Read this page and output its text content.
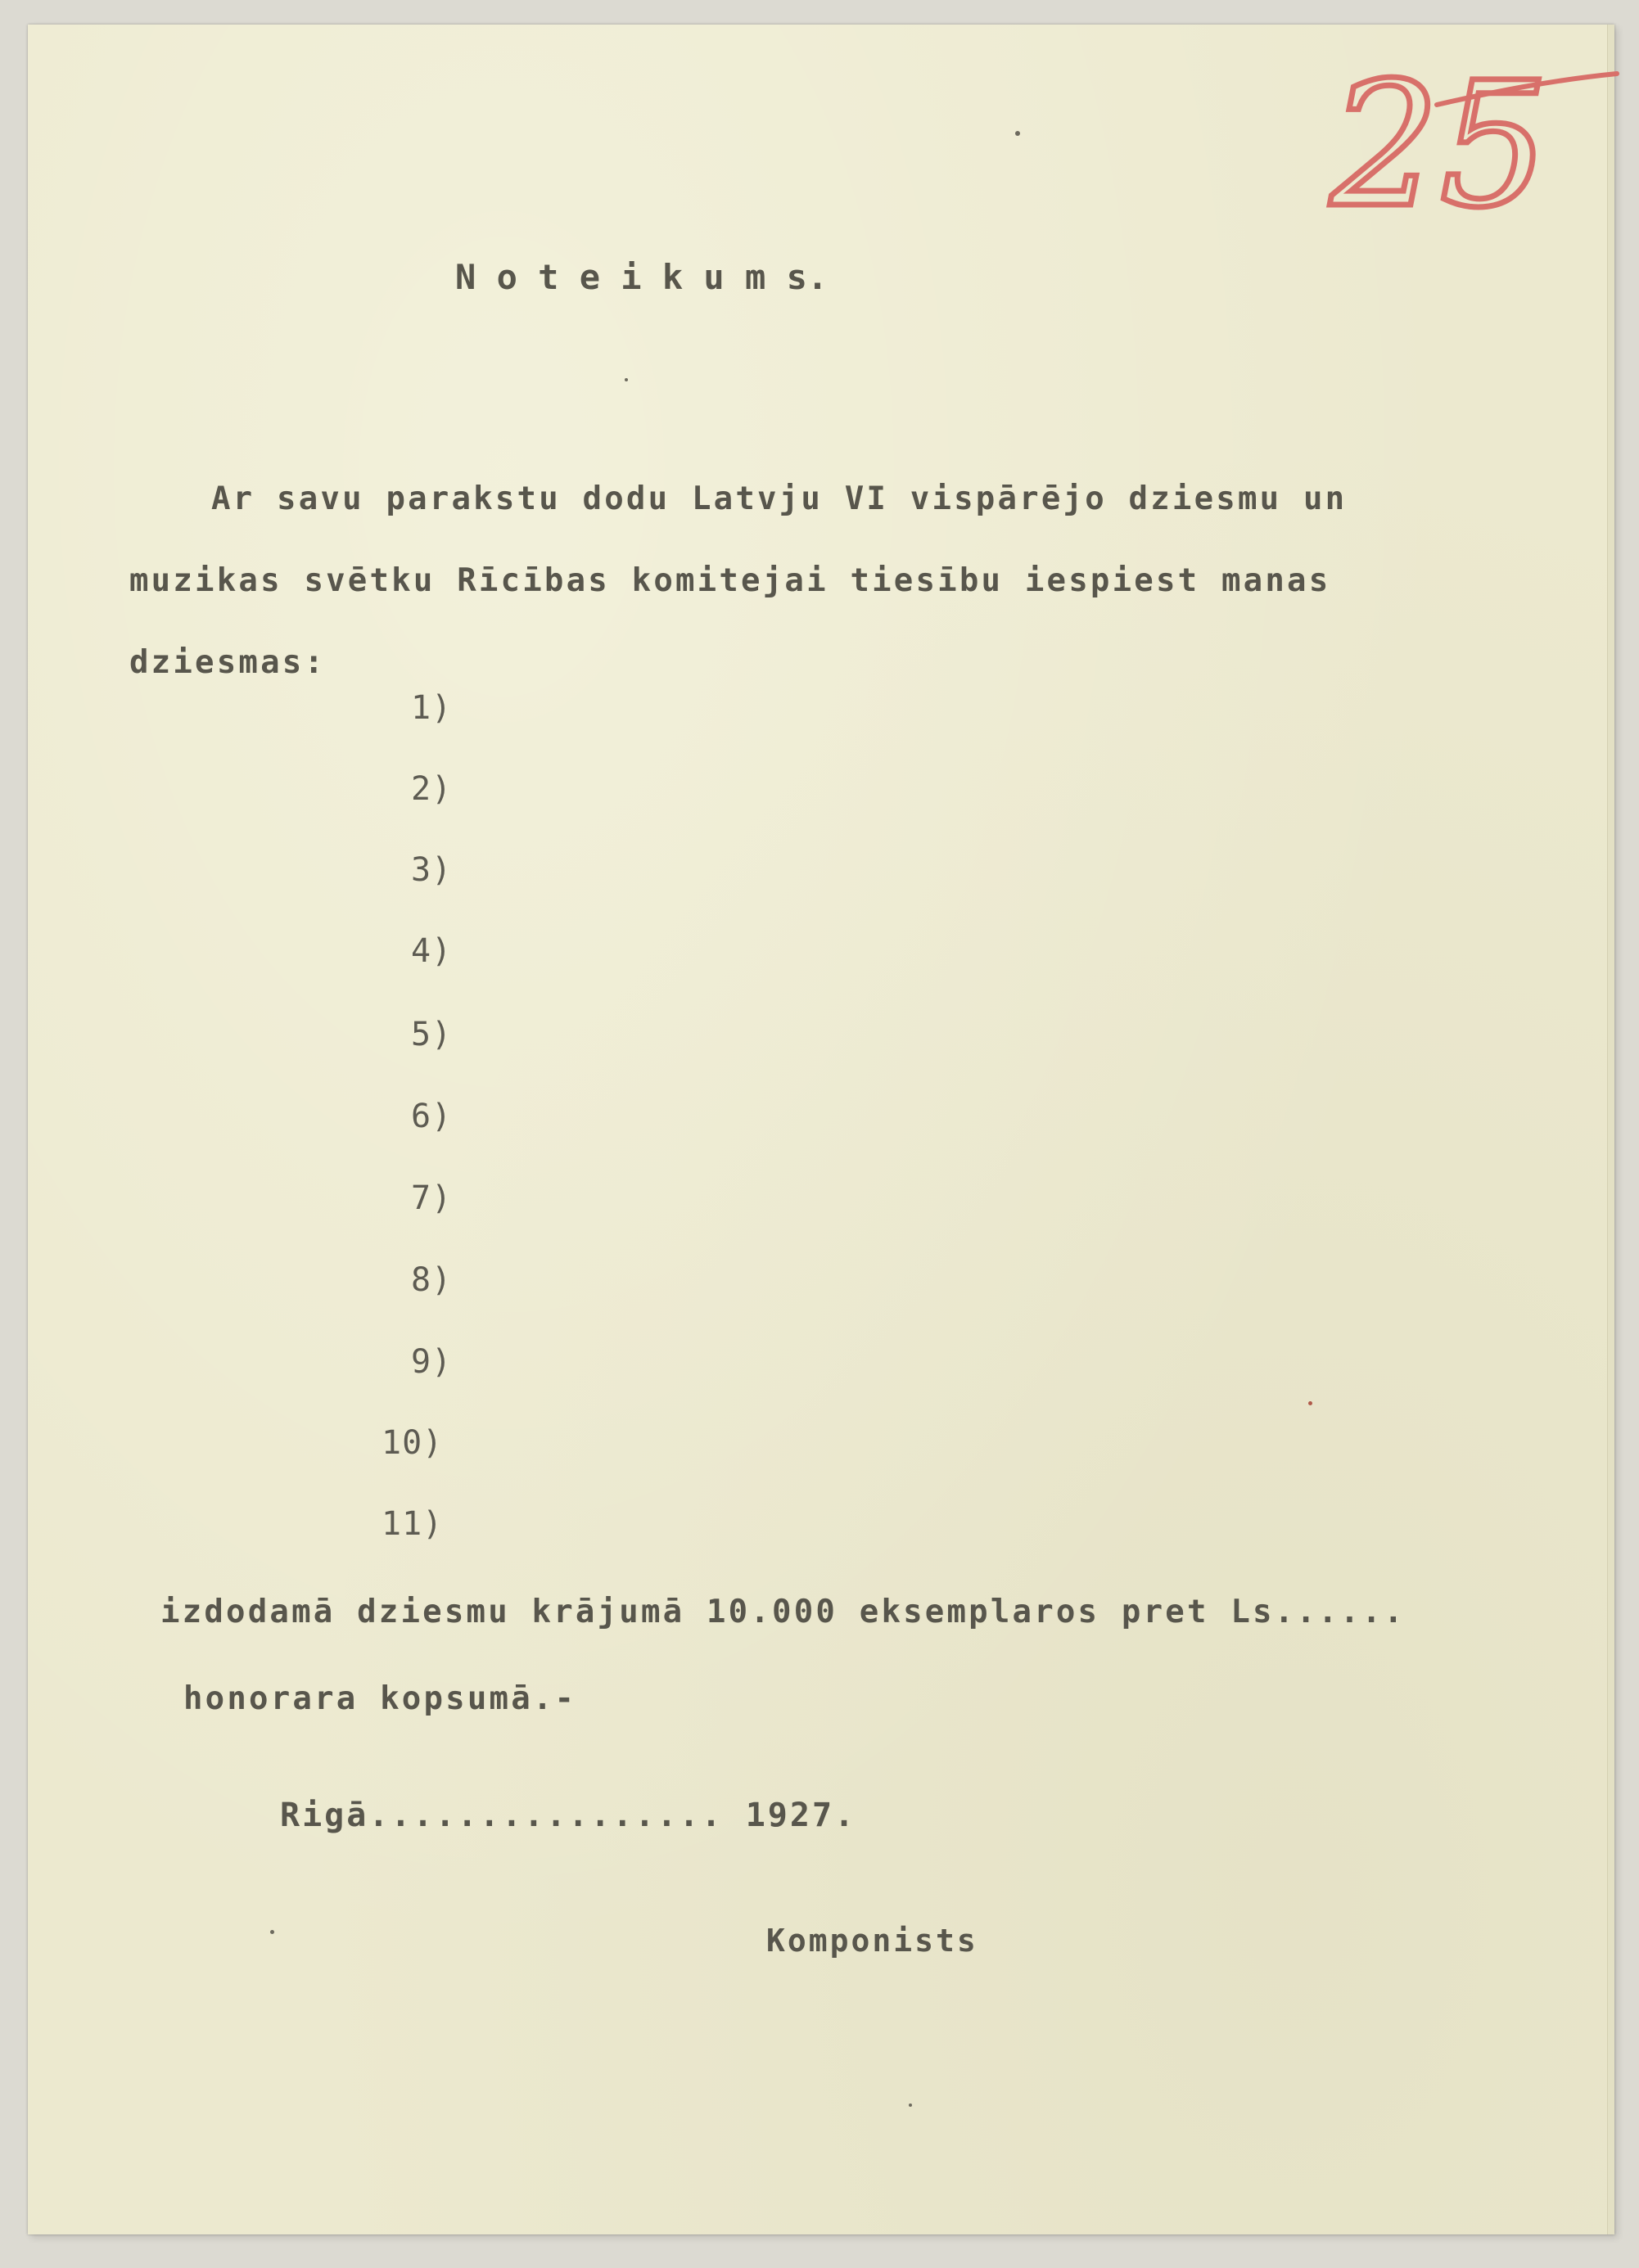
25
N o t e i k u m s.
Ar savu parakstu dodu Latvju VI vispārējo dziesmu un
muzikas svētku Rīcības komitejai tiesību iespiest manas
dziesmas:
1)
2)
3)
4)
5)
6)
7)
8)
9)
10)
11)
izdodamā dziesmu krājumā 10.000 eksemplaros pret Ls......
honorara kopsumā.-
Rigā................ 1927.
Komponists
